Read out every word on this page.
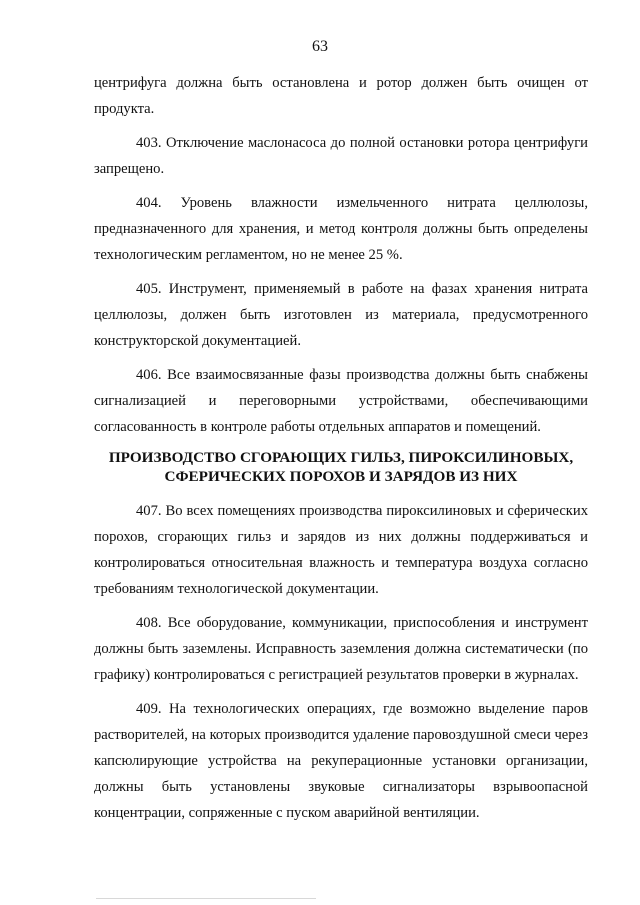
63

центрифуга должна быть остановлена и ротор должен быть очищен от продукта.

403. Отключение маслонасоса до полной остановки ротора центрифуги запрещено.

404. Уровень влажности измельченного нитрата целлюлозы, предназначенного для хранения, и метод контроля должны быть определены технологическим регламентом, но не менее 25 %.

405. Инструмент, применяемый в работе на фазах хранения нитрата целлюлозы, должен быть изготовлен из материала, предусмотренного конструкторской документацией.

406. Все взаимосвязанные фазы производства должны быть снабжены сигнализацией и переговорными устройствами, обеспечивающими согласованность в контроле работы отдельных аппаратов и помещений.

ПРОИЗВОДСТВО СГОРАЮЩИХ ГИЛЬЗ, ПИРОКСИЛИНОВЫХ, СФЕРИЧЕСКИХ ПОРОХОВ И ЗАРЯДОВ ИЗ НИХ

407. Во всех помещениях производства пироксилиновых и сферических порохов, сгорающих гильз и зарядов из них должны поддерживаться и контролироваться относительная влажность и температура воздуха согласно требованиям технологической документации.

408. Все оборудование, коммуникации, приспособления и инструмент должны быть заземлены. Исправность заземления должна систематически (по графику) контролироваться с регистрацией результатов проверки в журналах.

409. На технологических операциях, где возможно выделение паров растворителей, на которых производится удаление паровоздушной смеси через капсюлирующие устройства на рекуперационные установки организации, должны быть установлены звуковые сигнализаторы взрывоопасной концентрации, сопряженные с пуском аварийной вентиляции.
